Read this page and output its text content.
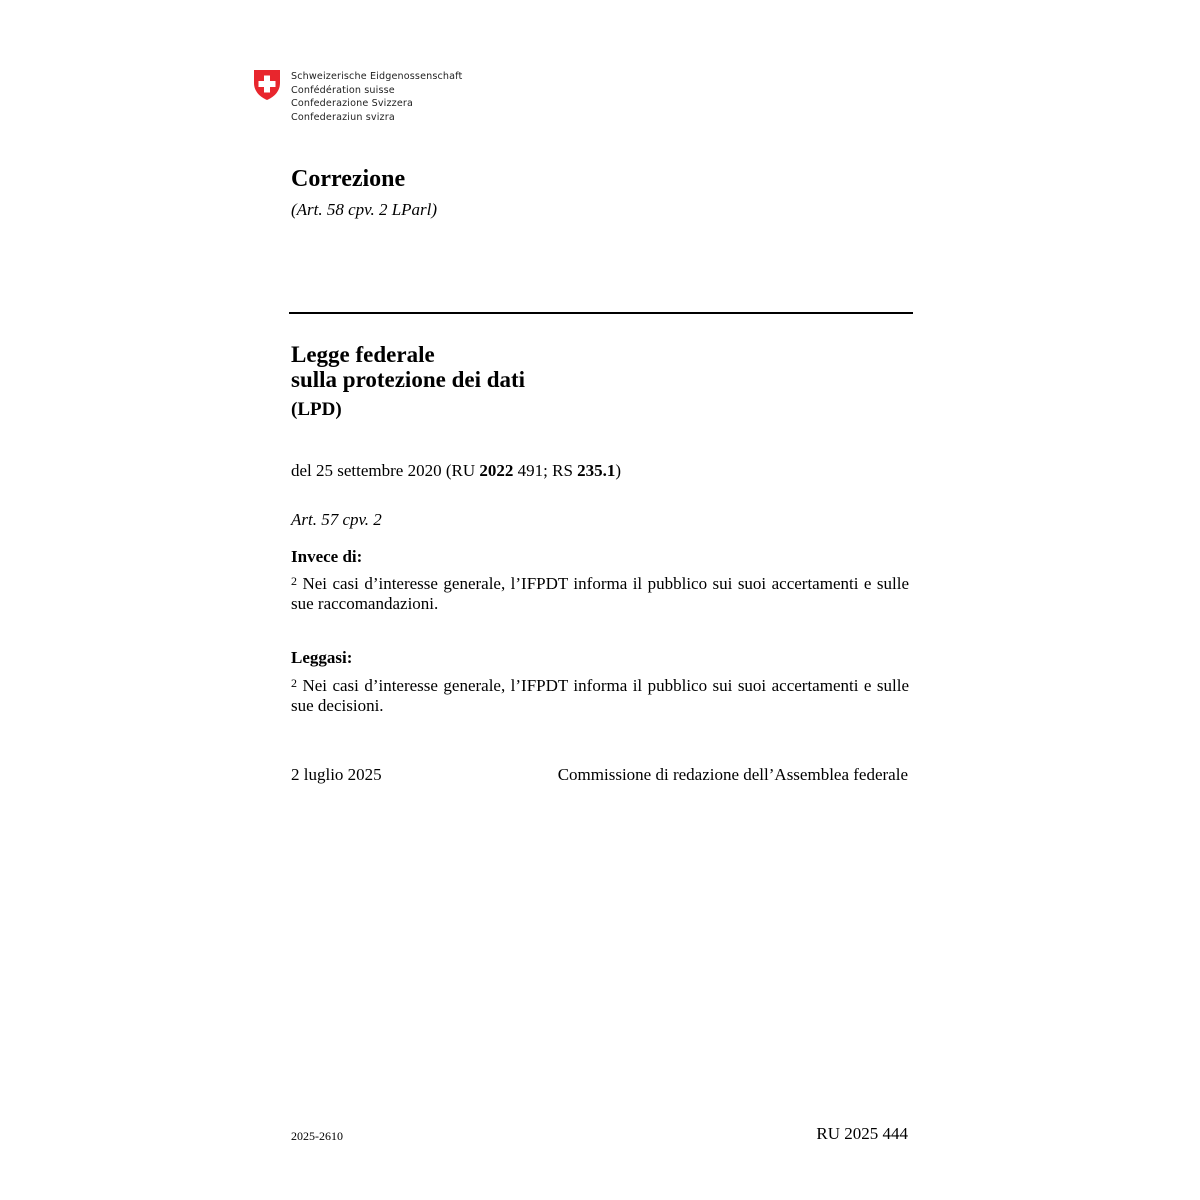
Schweizerische Eidgenossenschaft
Confédération suisse
Confederazione Svizzera
Confederaziun svizra
Correzione
(Art. 58 cpv. 2 LParl)
Legge federale
sulla protezione dei dati
(LPD)
del 25 settembre 2020 (RU 2022 491; RS 235.1)
Art. 57 cpv. 2
Invece di:
$^2$ Nei casi d’interesse generale, l’IFPDT informa il pubblico sui suoi accertamenti e sulle sue raccomandazioni.
Leggasi:
$^2$ Nei casi d’interesse generale, l’IFPDT informa il pubblico sui suoi accertamenti e sulle sue decisioni.
2 luglio 2025	Commissione di redazione dell’Assemblea federale
2025-2610	RU 2025 444
